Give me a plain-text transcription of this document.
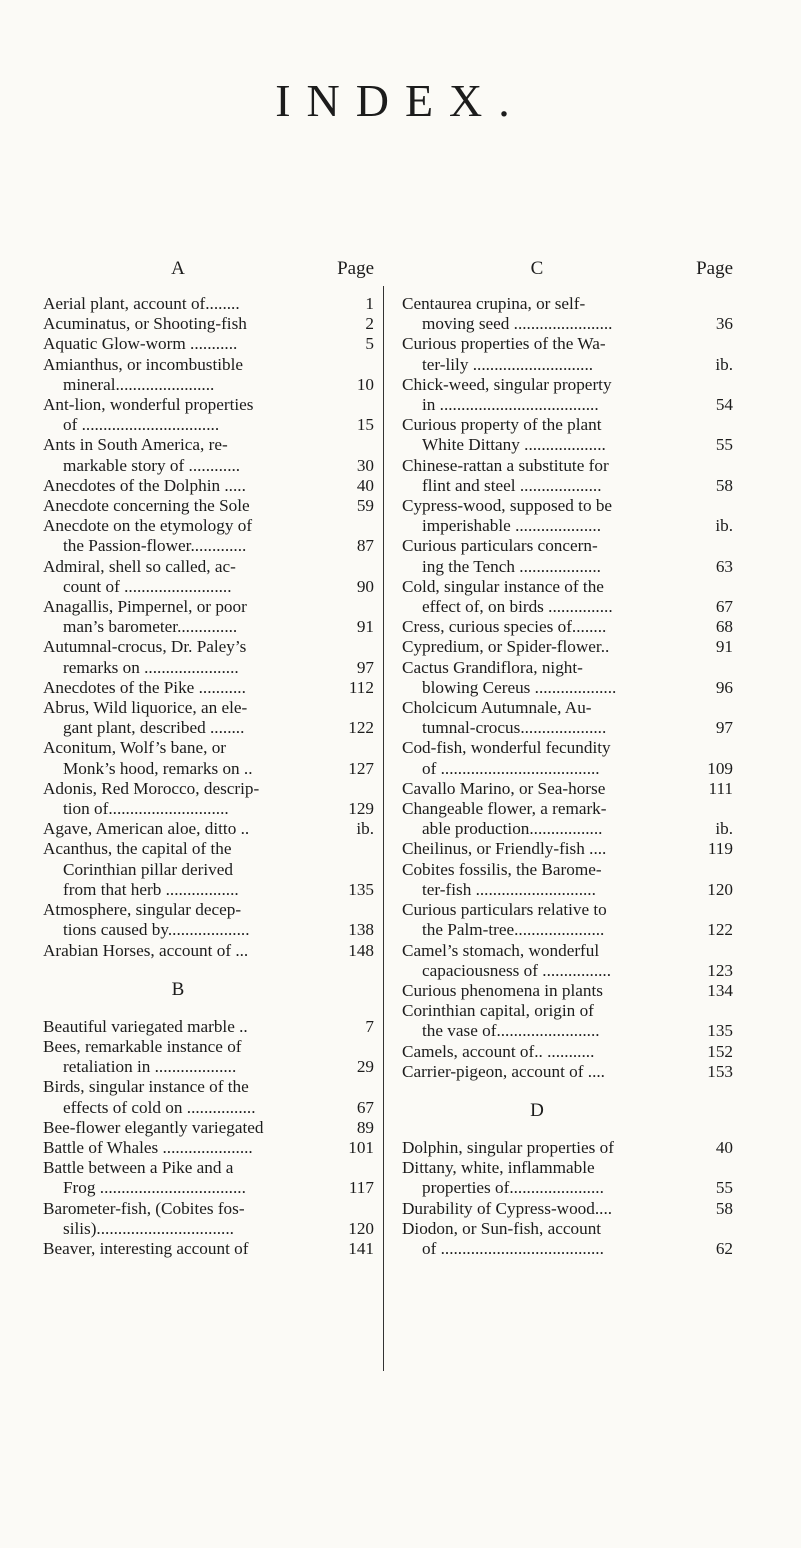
INDEX.
A	Page
Aerial plant, account of........	1
Acuminatus, or Shooting-fish	2
Aquatic Glow-worm ...........	5
Amianthus, or incombustible
mineral.......................	10
Ant-lion, wonderful properties
of ................................	15
Ants in South America, re-
markable story of ............	30
Anecdotes of the Dolphin .....	40
Anecdote concerning the Sole	59
Anecdote on the etymology of
the Passion-flower.............	87
Admiral, shell so called, ac-
count of .........................	90
Anagallis, Pimpernel, or poor
man’s barometer..............	91
Autumnal-crocus, Dr. Paley’s
remarks on ......................	97
Anecdotes of the Pike ...........	112
Abrus, Wild liquorice, an ele-
gant plant, described ........	122
Aconitum, Wolf’s bane, or
Monk’s hood, remarks on ..	127
Adonis, Red Morocco, descrip-
tion of............................	129
Agave, American aloe, ditto ..	ib.
Acanthus, the capital of the
Corinthian pillar derived
from that herb .................	135
Atmosphere, singular decep-
tions caused by...................	138
Arabian Horses, account of ...	148
B
Beautiful variegated marble ..	7
Bees, remarkable instance of
retaliation in ...................	29
Birds, singular instance of the
effects of cold on ................	67
Bee-flower elegantly variegated	89
Battle of Whales .....................	101
Battle between a Pike and a
Frog ..................................	117
Barometer-fish, (Cobites fos-
silis)................................	120
Beaver, interesting account of	141
C	Page
Centaurea crupina, or self-
moving seed .......................	36
Curious properties of the Wa-
ter-lily ............................	ib.
Chick-weed, singular property
in .....................................	54
Curious property of the plant
White Dittany ...................	55
Chinese-rattan a substitute for
flint and steel ...................	58
Cypress-wood, supposed to be
imperishable ....................	ib.
Curious particulars concern-
ing the Tench ...................	63
Cold, singular instance of the
effect of, on birds ...............	67
Cress, curious species of........	68
Cypredium, or Spider-flower..	91
Cactus Grandiflora, night-
blowing Cereus ...................	96
Cholcicum Autumnale, Au-
tumnal-crocus....................	97
Cod-fish, wonderful fecundity
of .....................................	109
Cavallo Marino, or Sea-horse	111
Changeable flower, a remark-
able production.................	ib.
Cheilinus, or Friendly-fish ....	119
Cobites fossilis, the Barome-
ter-fish ............................	120
Curious particulars relative to
the Palm-tree.....................	122
Camel’s stomach, wonderful
capaciousness of ................	123
Curious phenomena in plants	134
Corinthian capital, origin of
the vase of........................	135
Camels, account of.. ...........	152
Carrier-pigeon, account of ....	153
D
Dolphin, singular properties of	40
Dittany, white, inflammable
properties of......................	55
Durability of Cypress-wood....	58
Diodon, or Sun-fish, account
of ......................................	62
